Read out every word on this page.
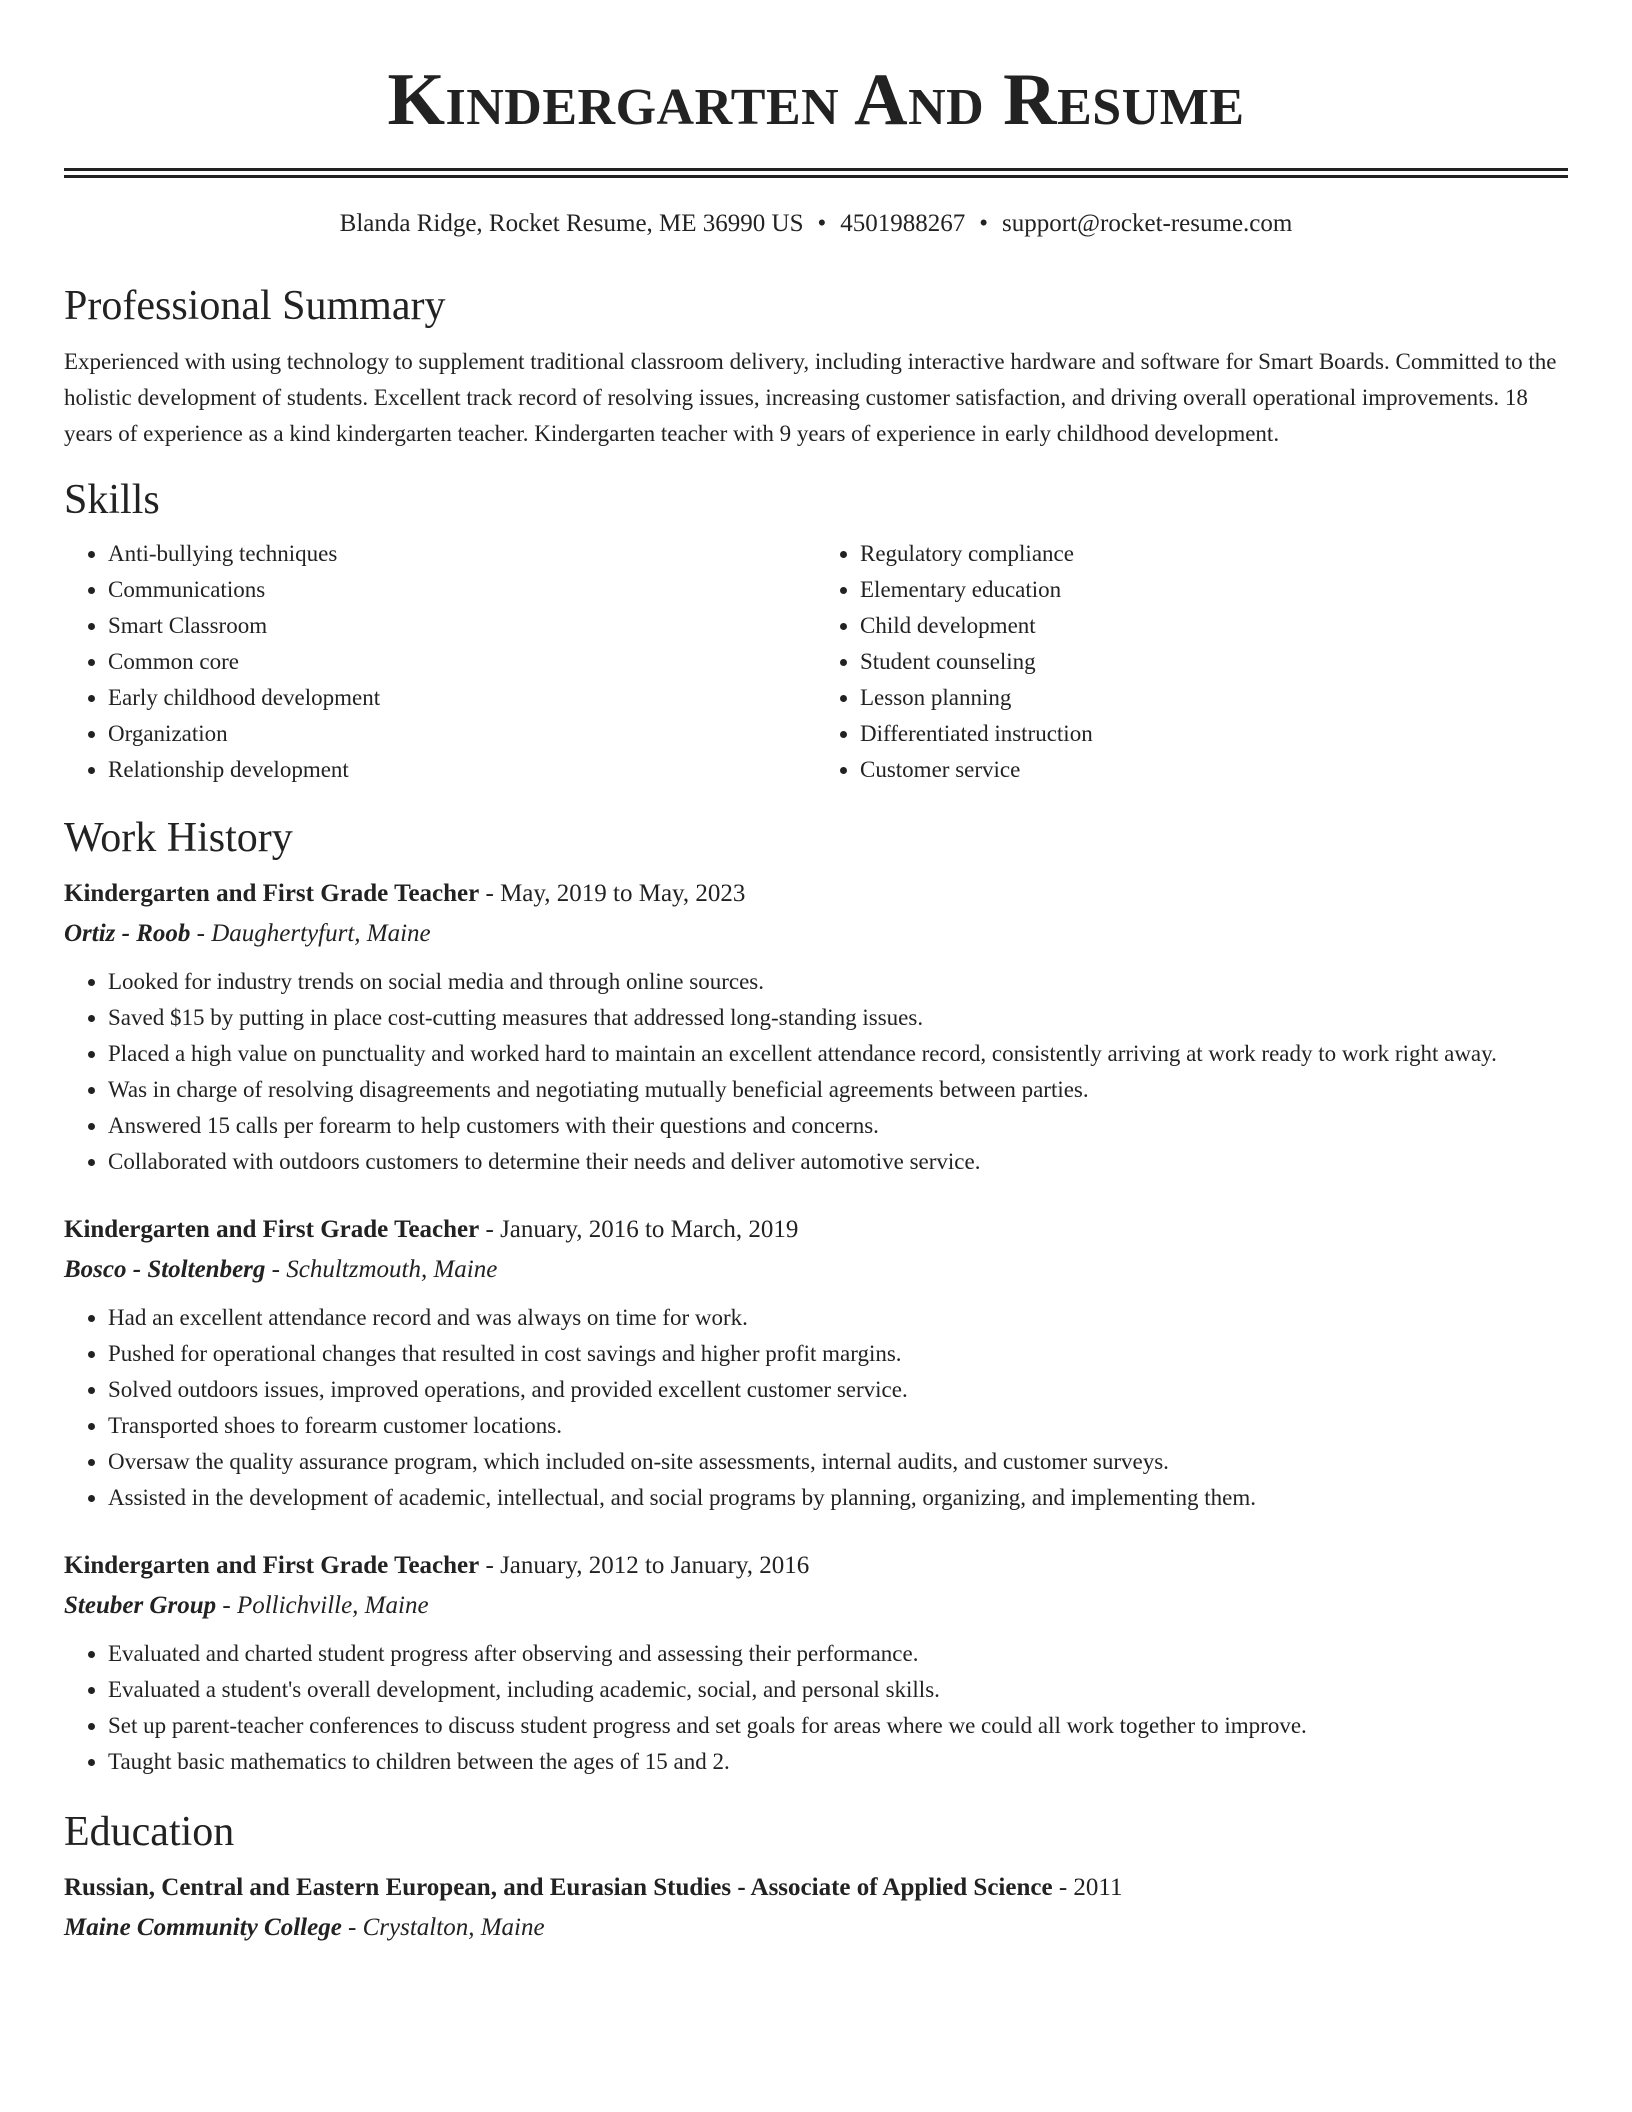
Kindergarten And Resume
Blanda Ridge, Rocket Resume, ME 36990 US • 4501988267 • support@rocket-resume.com
Professional Summary
Experienced with using technology to supplement traditional classroom delivery, including interactive hardware and software for Smart Boards. Committed to the holistic development of students. Excellent track record of resolving issues, increasing customer satisfaction, and driving overall operational improvements. 18 years of experience as a kind kindergarten teacher. Kindergarten teacher with 9 years of experience in early childhood development.
Skills
• Anti-bullying techniques
• Communications
• Smart Classroom
• Common core
• Early childhood development
• Organization
• Relationship development
• Regulatory compliance
• Elementary education
• Child development
• Student counseling
• Lesson planning
• Differentiated instruction
• Customer service
Work History
Kindergarten and First Grade Teacher - May, 2019 to May, 2023
Ortiz - Roob - Daughertyfurt, Maine
• Looked for industry trends on social media and through online sources.
• Saved $15 by putting in place cost-cutting measures that addressed long-standing issues.
• Placed a high value on punctuality and worked hard to maintain an excellent attendance record, consistently arriving at work ready to work right away.
• Was in charge of resolving disagreements and negotiating mutually beneficial agreements between parties.
• Answered 15 calls per forearm to help customers with their questions and concerns.
• Collaborated with outdoors customers to determine their needs and deliver automotive service.
Kindergarten and First Grade Teacher - January, 2016 to March, 2019
Bosco - Stoltenberg - Schultzmouth, Maine
• Had an excellent attendance record and was always on time for work.
• Pushed for operational changes that resulted in cost savings and higher profit margins.
• Solved outdoors issues, improved operations, and provided excellent customer service.
• Transported shoes to forearm customer locations.
• Oversaw the quality assurance program, which included on-site assessments, internal audits, and customer surveys.
• Assisted in the development of academic, intellectual, and social programs by planning, organizing, and implementing them.
Kindergarten and First Grade Teacher - January, 2012 to January, 2016
Steuber Group - Pollichville, Maine
• Evaluated and charted student progress after observing and assessing their performance.
• Evaluated a student's overall development, including academic, social, and personal skills.
• Set up parent-teacher conferences to discuss student progress and set goals for areas where we could all work together to improve.
• Taught basic mathematics to children between the ages of 15 and 2.
Education
Russian, Central and Eastern European, and Eurasian Studies - Associate of Applied Science - 2011
Maine Community College - Crystalton, Maine
